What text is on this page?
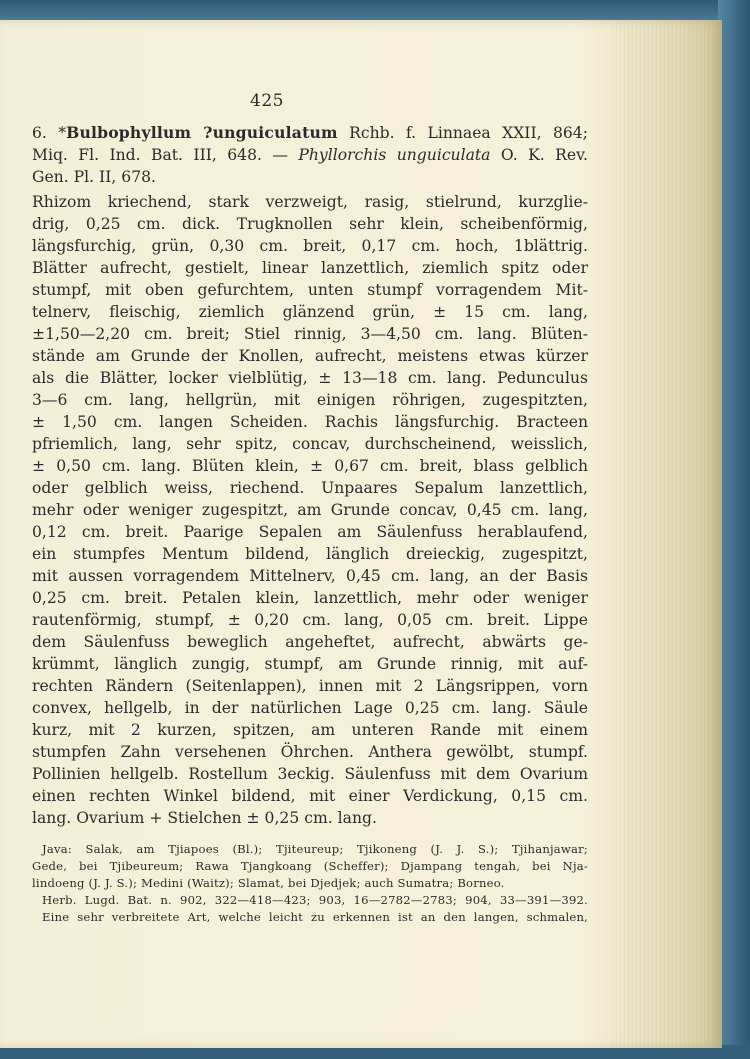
425
6. *Bulbophyllum ?unguiculatum Rchb. f. Linnaea XXII, 864;
Miq. Fl. Ind. Bat. III, 648. — Phyllorchis unguiculata O. K. Rev.
Gen. Pl. II, 678.
Rhizom kriechend, stark verzweigt, rasig, stielrund, kurzglie-
drig, 0,25 cm. dick. Trugknollen sehr klein, scheibenförmig,
längsfurchig, grün, 0,30 cm. breit, 0,17 cm. hoch, 1blättrig.
Blätter aufrecht, gestielt, linear lanzettlich, ziemlich spitz oder
stumpf, mit oben gefurchtem, unten stumpf vorragendem Mit-
telnerv, fleischig, ziemlich glänzend grün, ± 15 cm. lang,
±1,50—2,20 cm. breit; Stiel rinnig, 3—4,50 cm. lang. Blüten-
stände am Grunde der Knollen, aufrecht, meistens etwas kürzer
als die Blätter, locker vielblütig, ± 13—18 cm. lang. Pedunculus
3—6 cm. lang, hellgrün, mit einigen röhrigen, zugespitzten,
± 1,50 cm. langen Scheiden. Rachis längsfurchig. Bracteen
pfriemlich, lang, sehr spitz, concav, durchscheinend, weisslich,
± 0,50 cm. lang. Blüten klein, ± 0,67 cm. breit, blass gelblich
oder gelblich weiss, riechend. Unpaares Sepalum lanzettlich,
mehr oder weniger zugespitzt, am Grunde concav, 0,45 cm. lang,
0,12 cm. breit. Paarige Sepalen am Säulenfuss herablaufend,
ein stumpfes Mentum bildend, länglich dreieckig, zugespitzt,
mit aussen vorragendem Mittelnerv, 0,45 cm. lang, an der Basis
0,25 cm. breit. Petalen klein, lanzettlich, mehr oder weniger
rautenförmig, stumpf, ± 0,20 cm. lang, 0,05 cm. breit. Lippe
dem Säulenfuss beweglich angeheftet, aufrecht, abwärts ge-
krümmt, länglich zungig, stumpf, am Grunde rinnig, mit auf-
rechten Rändern (Seitenlappen), innen mit 2 Längsrippen, vorn
convex, hellgelb, in der natürlichen Lage 0,25 cm. lang. Säule
kurz, mit 2 kurzen, spitzen, am unteren Rande mit einem
stumpfen Zahn versehenen Öhrchen. Anthera gewölbt, stumpf.
Pollinien hellgelb. Rostellum 3eckig. Säulenfuss mit dem Ovarium
einen rechten Winkel bildend, mit einer Verdickung, 0,15 cm.
lang. Ovarium + Stielchen ± 0,25 cm. lang.
Java: Salak, am Tjiapoes (Bl.); Tjiteureup; Tjikoneng (J. J. S.); Tjihanjawar;
Gede, bei Tjibeureum; Rawa Tjangkoang (Scheffer); Djampang tengah, bei Nja-
lindoeng (J. J. S.); Medini (Waitz); Slamat, bei Djedjek; auch Sumatra; Borneo.
Herb. Lugd. Bat. n. 902, 322—418—423; 903, 16—2782—2783; 904, 33—391—392.
Eine sehr verbreitete Art, welche leicht zu erkennen ist an den langen, schmalen,
